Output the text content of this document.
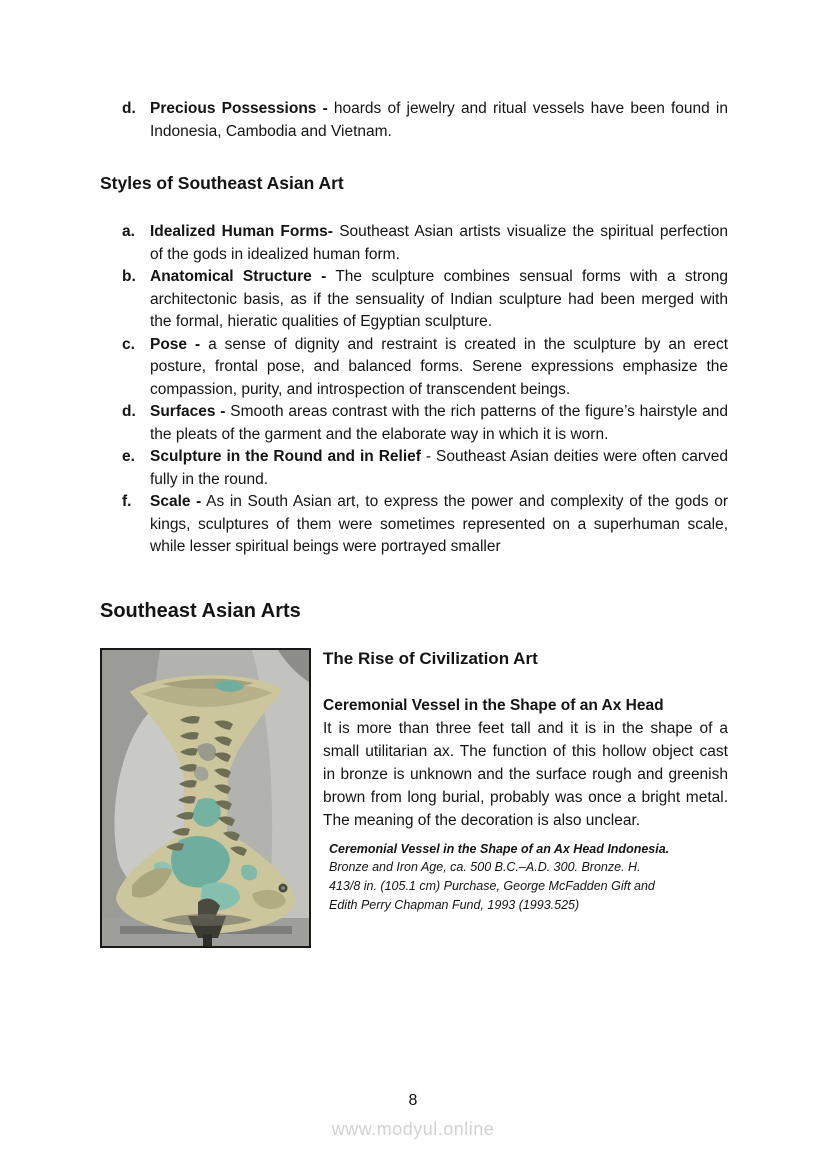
d. Precious Possessions - hoards of jewelry and ritual vessels have been found in Indonesia, Cambodia and Vietnam.
Styles of Southeast Asian Art
a. Idealized Human Forms- Southeast Asian artists visualize the spiritual perfection of the gods in idealized human form.
b. Anatomical Structure - The sculpture combines sensual forms with a strong architectonic basis, as if the sensuality of Indian sculpture had been merged with the formal, hieratic qualities of Egyptian sculpture.
c. Pose - a sense of dignity and restraint is created in the sculpture by an erect posture, frontal pose, and balanced forms. Serene expressions emphasize the compassion, purity, and introspection of transcendent beings.
d. Surfaces - Smooth areas contrast with the rich patterns of the figure’s hairstyle and the pleats of the garment and the elaborate way in which it is worn.
e. Sculpture in the Round and in Relief - Southeast Asian deities were often carved fully in the round.
f. Scale - As in South Asian art, to express the power and complexity of the gods or kings, sculptures of them were sometimes represented on a superhuman scale, while lesser spiritual beings were portrayed smaller
Southeast Asian Arts
The Rise of Civilization Art
Ceremonial Vessel in the Shape of an Ax Head
It is more than three feet tall and it is in the shape of a small utilitarian ax. The function of this hollow object cast in bronze is unknown and the surface rough and greenish brown from long burial, probably was once a bright metal. The meaning of the decoration is also unclear.
Ceremonial Vessel in the Shape of an Ax Head Indonesia. Bronze and Iron Age, ca. 500 B.C.–A.D. 300. Bronze. H. 413/8 in. (105.1 cm) Purchase, George McFadden Gift and Edith Perry Chapman Fund, 1993 (1993.525)
8
www.modyul.online
